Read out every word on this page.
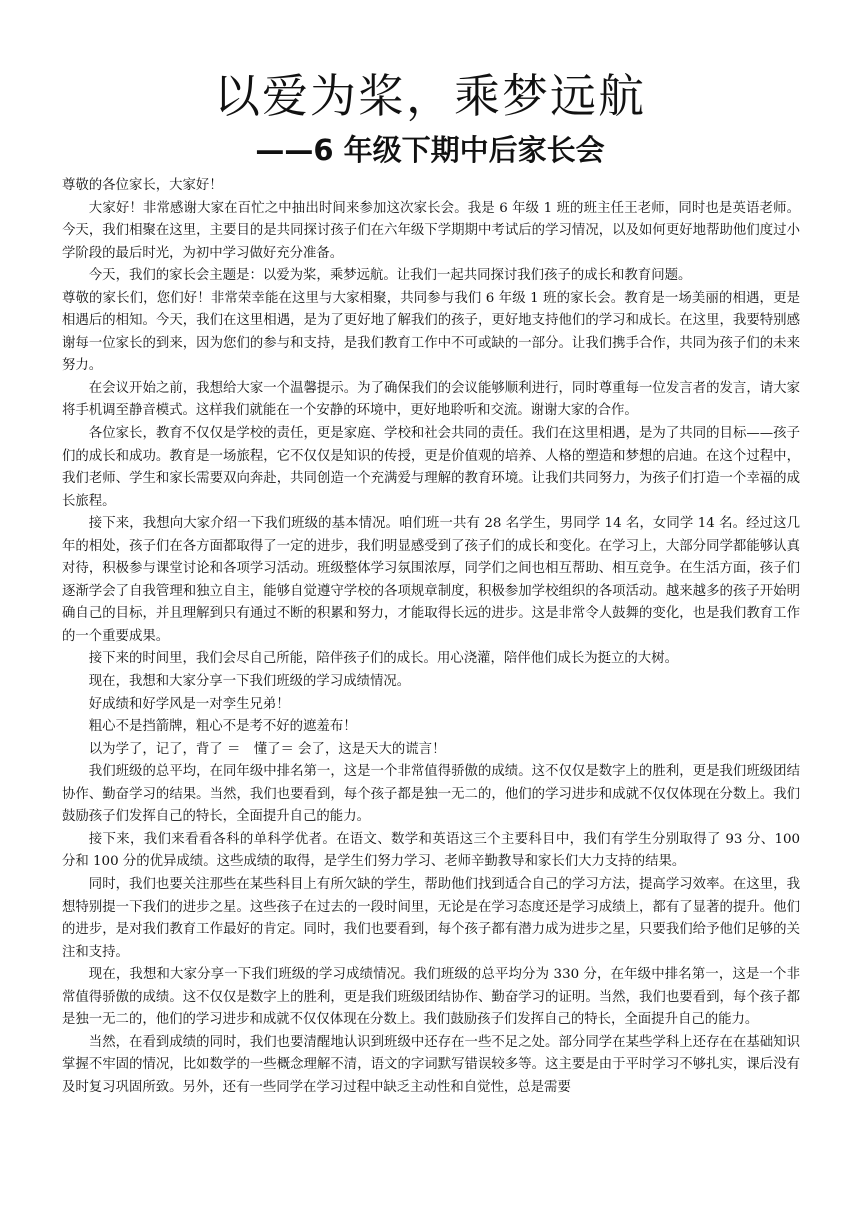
以爱为桨，乘梦远航
——6 年级下期中后家长会

尊敬的各位家长，大家好！

大家好！非常感谢大家在百忙之中抽出时间来参加这次家长会。我是 6 年级 1 班的班主任王老师，同时也是英语老师。今天，我们相聚在这里，主要目的是共同探讨孩子们在六年级下学期期中考试后的学习情况，以及如何更好地帮助他们度过小学阶段的最后时光，为初中学习做好充分准备。

今天，我们的家长会主题是：以爱为桨，乘梦远航。让我们一起共同探讨我们孩子的成长和教育问题。

尊敬的家长们，您们好！非常荣幸能在这里与大家相聚，共同参与我们 6 年级 1 班的家长会。教育是一场美丽的相遇，更是相遇后的相知。今天，我们在这里相遇，是为了更好地了解我们的孩子，更好地支持他们的学习和成长。在这里，我要特别感谢每一位家长的到来，因为您们的参与和支持，是我们教育工作中不可或缺的一部分。让我们携手合作，共同为孩子们的未来努力。

在会议开始之前，我想给大家一个温馨提示。为了确保我们的会议能够顺利进行，同时尊重每一位发言者的发言，请大家将手机调至静音模式。这样我们就能在一个安静的环境中，更好地聆听和交流。谢谢大家的合作。

各位家长，教育不仅仅是学校的责任，更是家庭、学校和社会共同的责任。我们在这里相遇，是为了共同的目标——孩子们的成长和成功。教育是一场旅程，它不仅仅是知识的传授，更是价值观的培养、人格的塑造和梦想的启迪。在这个过程中，我们老师、学生和家长需要双向奔赴，共同创造一个充满爱与理解的教育环境。让我们共同努力，为孩子们打造一个幸福的成长旅程。

接下来，我想向大家介绍一下我们班级的基本情况。咱们班一共有 28 名学生，男同学 14 名，女同学 14 名。经过这几年的相处，孩子们在各方面都取得了一定的进步，我们明显感受到了孩子们的成长和变化。在学习上，大部分同学都能够认真对待，积极参与课堂讨论和各项学习活动。班级整体学习氛围浓厚，同学们之间也相互帮助、相互竞争。在生活方面，孩子们逐渐学会了自我管理和独立自主，能够自觉遵守学校的各项规章制度，积极参加学校组织的各项活动。越来越多的孩子开始明确自己的目标，并且理解到只有通过不断的积累和努力，才能取得长远的进步。这是非常令人鼓舞的变化，也是我们教育工作的一个重要成果。

接下来的时间里，我们会尽自己所能，陪伴孩子们的成长。用心浇灌，陪伴他们成长为挺立的大树。

现在，我想和大家分享一下我们班级的学习成绩情况。

好成绩和好学风是一对孪生兄弟！

粗心不是挡箭牌，粗心不是考不好的遮羞布！

以为学了，记了，背了 ＝　懂了＝ 会了，这是天大的谎言！

我们班级的总平均，在同年级中排名第一，这是一个非常值得骄傲的成绩。这不仅仅是数字上的胜利，更是我们班级团结协作、勤奋学习的结果。当然，我们也要看到，每个孩子都是独一无二的，他们的学习进步和成就不仅仅体现在分数上。我们鼓励孩子们发挥自己的特长，全面提升自己的能力。

接下来，我们来看看各科的单科学优者。在语文、数学和英语这三个主要科目中，我们有学生分别取得了 93 分、100 分和 100 分的优异成绩。这些成绩的取得，是学生们努力学习、老师辛勤教导和家长们大力支持的结果。

同时，我们也要关注那些在某些科目上有所欠缺的学生，帮助他们找到适合自己的学习方法，提高学习效率。在这里，我想特别提一下我们的进步之星。这些孩子在过去的一段时间里，无论是在学习态度还是学习成绩上，都有了显著的提升。他们的进步，是对我们教育工作最好的肯定。同时，我们也要看到，每个孩子都有潜力成为进步之星，只要我们给予他们足够的关注和支持。

现在，我想和大家分享一下我们班级的学习成绩情况。我们班级的总平均分为 330 分，在年级中排名第一，这是一个非常值得骄傲的成绩。这不仅仅是数字上的胜利，更是我们班级团结协作、勤奋学习的证明。当然，我们也要看到，每个孩子都是独一无二的，他们的学习进步和成就不仅仅体现在分数上。我们鼓励孩子们发挥自己的特长，全面提升自己的能力。

当然，在看到成绩的同时，我们也要清醒地认识到班级中还存在一些不足之处。部分同学在某些学科上还存在在基础知识掌握不牢固的情况，比如数学的一些概念理解不清，语文的字词默写错误较多等。这主要是由于平时学习不够扎实，课后没有及时复习巩固所致。另外，还有一些同学在学习过程中缺乏主动性和自觉性，总是需要
